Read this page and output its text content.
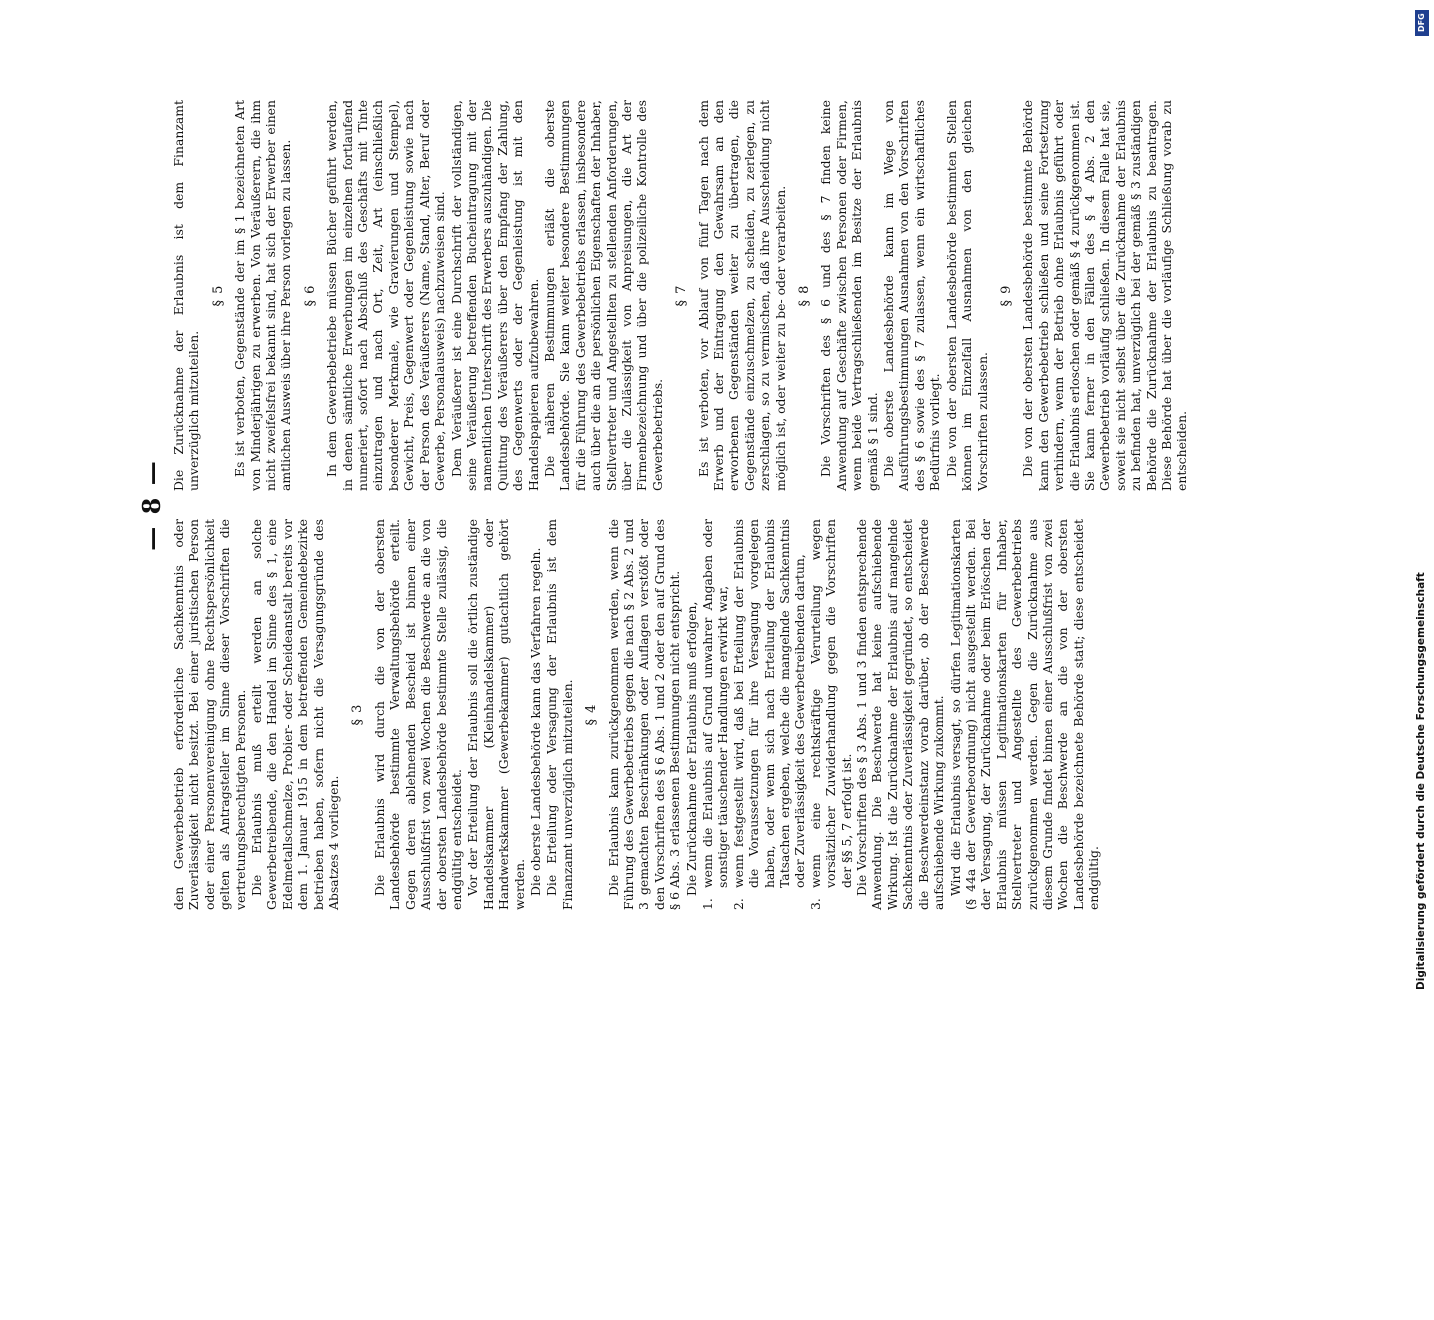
— 8 —

den Gewerbebetrieb erforderliche Sachkenntnis oder Zuverlässigkeit nicht besitzt. Bei einer juristischen Person oder einer Personenvereinigung ohne Rechtspersönlichkeit gelten als Antragsteller im Sinne dieser Vorschriften die vertretungsberechtigten Personen. Die Erlaubnis muß erteilt werden an solche Gewerbetreibende, die den Handel im Sinne des § 1, eine Edelmetallschmelze, Probier- oder Scheideanstalt bereits vor dem 1. Januar 1915 in dem betreffenden Gemeindebezirke betrieben haben, sofern nicht die Versagungsgründe des Absatzes 4 vorliegen.

§ 3 Die Erlaubnis wird durch die von der obersten Landesbehörde bestimmte Verwaltungsbehörde erteilt. Gegen deren ablehnenden Bescheid ist binnen einer Ausschlußfrist von zwei Wochen die Beschwerde an die von der obersten Landesbehörde bestimmte Stelle zulässig, die endgültig entscheidet. Vor der Erteilung der Erlaubnis soll die örtlich zuständige Handelskammer (Kleinhandelskammer) oder Handwerkskammer (Gewerbekammer) gutachtlich gehört werden. Die oberste Landesbehörde kann das Verfahren regeln. Die Erteilung oder Versagung der Erlaubnis ist dem Finanzamt unverzüglich mitzuteilen. § 4 Die Erlaubnis kann zurückgenommen werden, wenn die Führung des Gewerbebetriebs gegen die nach § 2 Abs. 2 und 3 gemachten Beschränkungen oder Auflagen verstößt oder den Vorschriften des § 6 Abs. 1 und 2 oder den auf Grund des § 6 Abs. 3 erlassenen Bestimmungen nicht entspricht. Die Zurücknahme der Erlaubnis muß erfolgen,

1.
wenn die Erlaubnis auf Grund unwahrer Angaben oder sonstiger täuschender Handlungen erwirkt war,
2.
wenn festgestellt wird, daß bei Erteilung der Erlaubnis die Voraussetzungen für ihre Versagung vorgelegen haben, oder wenn sich nach Erteilung der Erlaubnis Tatsachen ergeben, welche die mangelnde Sachkenntnis oder Zuverlässigkeit des Gewerbetreibenden dartun,
3.
wenn eine rechtskräftige Verurteilung wegen vorsätzlicher Zuwiderhandlung gegen die Vorschriften der §§ 5, 7 erfolgt ist. Die Vorschriften des § 3 Abs. 1 und 3 finden entsprechende Anwendung. Die Beschwerde hat keine aufschiebende Wirkung. Ist die Zurücknahme der Erlaubnis auf mangelnde Sachkenntnis oder Zuverlässigkeit gegründet, so entscheidet die Beschwerdeinstanz vorab darüber, ob der Beschwerde aufschiebende Wirkung zukommt. Wird die Erlaubnis versagt, so dürfen Legitimationskarten (§ 44a der Gewerbeordnung) nicht ausgestellt werden. Bei der Versagung, der Zurücknahme oder beim Erlöschen der Erlaubnis müssen Legitimationskarten für Inhaber, Stellvertreter und Angestellte des Gewerbebetriebs zurückgenommen werden. Gegen die Zurücknahme aus diesem Grunde findet binnen einer Ausschlußfrist von zwei Wochen die Beschwerde an die von der obersten Landesbehörde bezeichnete Behörde statt; diese entscheidet endgültig.

Die Zurücknahme der Erlaubnis ist dem Finanzamt unverzüglich mitzuteilen.

§ 5 Es ist verboten, Gegenstände der im § 1 bezeichneten Art von Minderjährigen zu erwerben. Von Veräußerern, die ihm nicht zweifelsfrei bekannt sind, hat sich der Erwerber einen amtlichen Ausweis über ihre Person vorlegen zu lassen. § 6 In dem Gewerbebetriebe müssen Bücher geführt werden, in denen sämtliche Erwerbungen im einzelnen fortlaufend numeriert, sofort nach Abschluß des Geschäfts mit Tinte einzutragen und nach Ort, Zeit, Art (einschließlich besonderer Merkmale, wie Gravierungen und Stempel), Gewicht, Preis, Gegenwert oder Gegenleistung sowie nach der Person des Veräußerers (Name, Stand, Alter, Beruf oder Gewerbe, Personalausweis) nachzuweisen sind. Dem Veräußerer ist eine Durchschrift der vollständigen, seine Veräußerung betreffenden Bucheintragung mit der namentlichen Unterschrift des Erwerbers auszuhändigen. Die Quittung des Veräußerers über den Empfang der Zahlung, des Gegenwerts oder der Gegenleistung ist mit den Handelspapieren aufzubewahren. Die näheren Bestimmungen erläßt die oberste Landesbehörde. Sie kann weiter besondere Bestimmungen für die Führung des Gewerbebetriebs erlassen, insbesondere auch über die an die persönlichen Eigenschaften der Inhaber, Stellvertreter und Angestellten zu stellenden Anforderungen, über die Zulässigkeit von Anpreisungen, die Art der Firmenbezeichnung und über die polizeiliche Kontrolle des Gewerbebetriebs.

§ 7 Es ist verboten, vor Ablauf von fünf Tagen nach dem Erwerb und der Eintragung den Gewahrsam an den erworbenen Gegenständen weiter zu übertragen, die Gegenstände einzuschmelzen, zu scheiden, zu zerlegen, zu zerschlagen, so zu vermischen, daß ihre Ausscheidung nicht möglich ist, oder weiter zu be- oder verarbeiten. § 8 Die Vorschriften des § 6 und des § 7 finden keine Anwendung auf Geschäfte zwischen Personen oder Firmen, wenn beide Vertragschließenden im Besitze der Erlaubnis gemäß § 1 sind. Die oberste Landesbehörde kann im Wege von Ausführungsbestimmungen Ausnahmen von den Vorschriften des § 6 sowie des § 7 zulassen, wenn ein wirtschaftliches Bedürfnis vorliegt. Die von der obersten Landesbehörde bestimmten Stellen können im Einzelfall Ausnahmen von den gleichen Vorschriften zulassen.

§ 9 Die von der obersten Landesbehörde bestimmte Behörde kann den Gewerbebetrieb schließen und seine Fortsetzung verhindern, wenn der Betrieb ohne Erlaubnis geführt oder die Erlaubnis erloschen oder gemäß § 4 zurückgenommen ist. Sie kann ferner in den Fällen des § 4 Abs. 2 den Gewerbebetrieb vorläufig schließen. In diesem Falle hat sie, soweit sie nicht selbst über die Zurücknahme der Erlaubnis zu befinden hat, unverzüglich bei der gemäß § 3 zuständigen Behörde die Zurücknahme der Erlaubnis zu beantragen. Diese Behörde hat über die vorläufige Schließung vorab zu entscheiden.

DFG
Digitalisierung gefördert durch die Deutsche Forschungsgemeinschaft
